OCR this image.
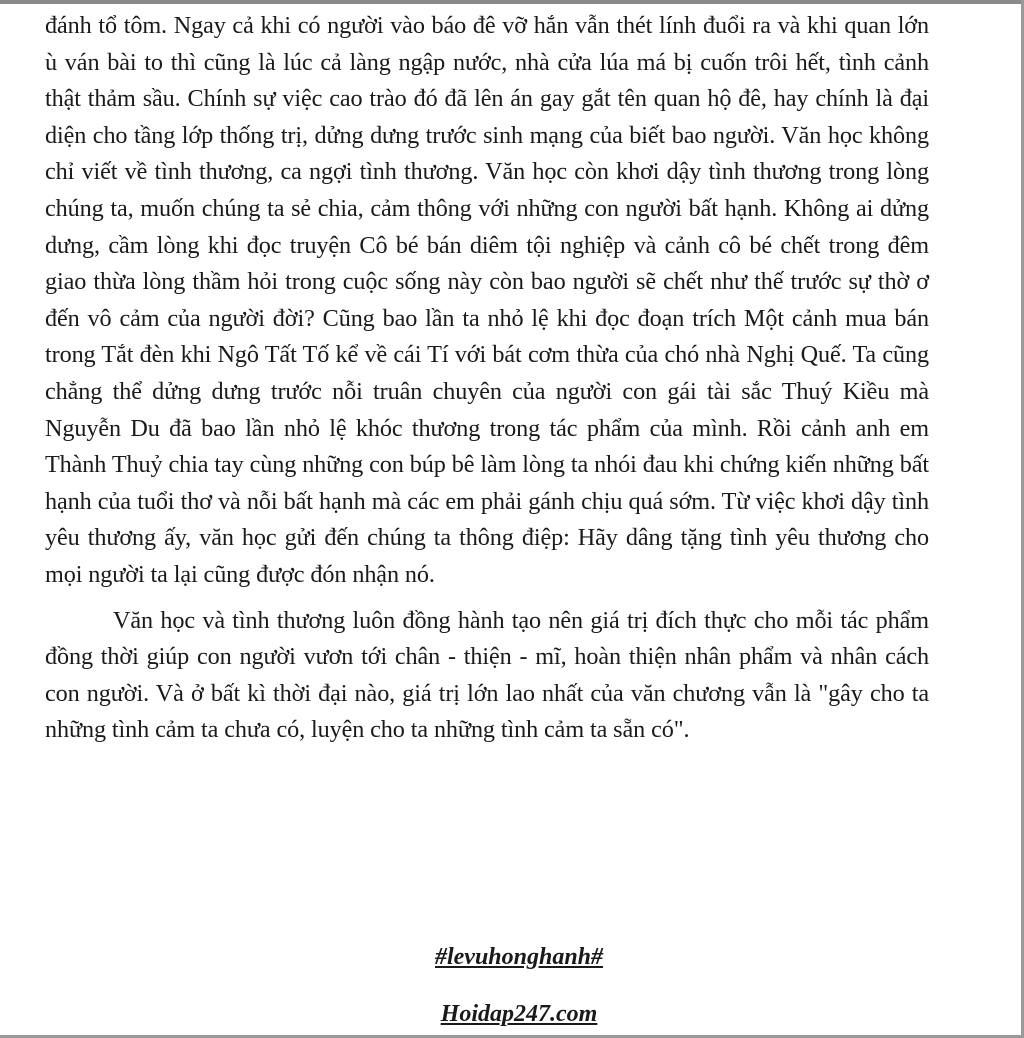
đánh tổ tôm. Ngay cả khi có người vào báo đê vỡ hắn vẫn thét lính đuổi ra và khi quan lớn ù ván bài to thì cũng là lúc cả làng ngập nước, nhà cửa lúa má bị cuốn trôi hết, tình cảnh thật thảm sầu. Chính sự việc cao trào đó đã lên án gay gắt tên quan hộ đê, hay chính là đại diện cho tầng lớp thống trị, dửng dưng trước sinh mạng của biết bao người. Văn học không chỉ viết về tình thương, ca ngợi tình thương. Văn học còn khơi dậy tình thương trong lòng chúng ta, muốn chúng ta sẻ chia, cảm thông với những con người bất hạnh. Không ai dửng dưng, cầm lòng khi đọc truyện Cô bé bán diêm tội nghiệp và cảnh cô bé chết trong đêm giao thừa lòng thầm hỏi trong cuộc sống này còn bao người sẽ chết như thế trước sự thờ ơ đến vô cảm của người đời? Cũng bao lần ta nhỏ lệ khi đọc đoạn trích Một cảnh mua bán trong Tắt đèn khi Ngô Tất Tố kể về cái Tí với bát cơm thừa của chó nhà Nghị Quế. Ta cũng chẳng thể dửng dưng trước nỗi truân chuyên của người con gái tài sắc Thuý Kiều mà Nguyễn Du đã bao lần nhỏ lệ khóc thương trong tác phẩm của mình. Rồi cảnh anh em Thành Thuỷ chia tay cùng những con búp bê làm lòng ta nhói đau khi chứng kiến những bất hạnh của tuổi thơ và nỗi bất hạnh mà các em phải gánh chịu quá sớm. Từ việc khơi dậy tình yêu thương ấy, văn học gửi đến chúng ta thông điệp: Hãy dâng tặng tình yêu thương cho mọi người ta lại cũng được đón nhận nó.

Văn học và tình thương luôn đồng hành tạo nên giá trị đích thực cho mỗi tác phẩm đồng thời giúp con người vươn tới chân - thiện - mĩ, hoàn thiện nhân phẩm và nhân cách con người. Và ở bất kì thời đại nào, giá trị lớn lao nhất của văn chương vẫn là "gây cho ta những tình cảm ta chưa có, luyện cho ta những tình cảm ta sẵn có".

#levuhonghanh#

Hoidap247.com
